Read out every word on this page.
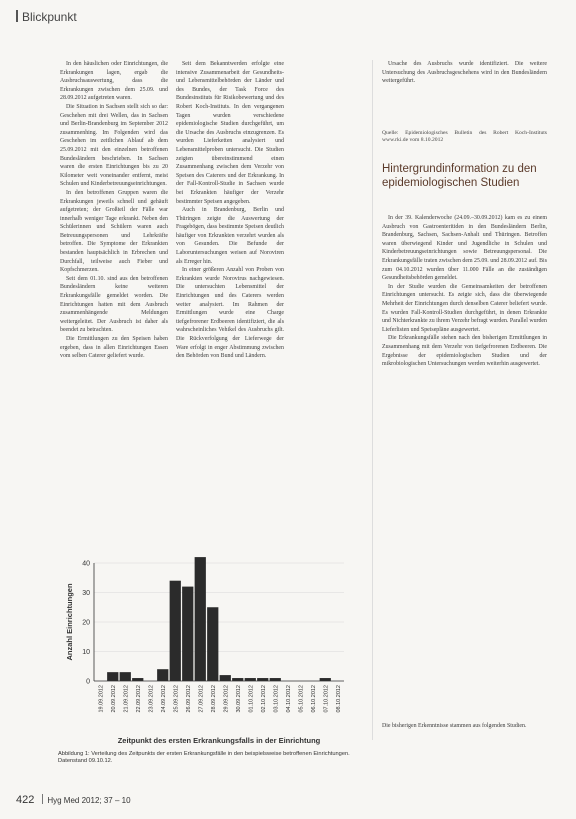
Blickpunkt

In den häuslichen oder Einrichtungen, die Erkrankungen lagen, ergab die Ausbruchsauswertung, dass die Erkrankungen zwischen dem 25.09. und 28.09.2012 aufgetreten waren.

Die Situation in Sachsen stellt sich so dar: Geschehen mit drei Wellen, das in Sachsen und Berlin-Brandenburg im September 2012 zusammenhing. Im Folgenden wird das Geschehen im zeitlichen Ablauf ab dem 25.09.2012 mit den einzelnen betroffenen Bundesländern beschrieben. In Sachsen waren die ersten Einrichtungen bis zu 20 Kilometer weit voneinander entfernt, meist Schulen und Kinderbetreuungseinrichtungen.

In den betroffenen Gruppen waren die Erkrankungen jeweils schnell und gehäuft aufgetreten; der Großteil der Fälle war innerhalb weniger Tage erkrankt. Neben den Schülerinnen und Schülern waren auch Betreuungspersonen und Lehrkräfte betroffen. Die Symptome der Erkrankten bestanden hauptsächlich in Erbrechen und Durchfall, teilweise auch Fieber und Kopfschmerzen.

Seit dem 01.10. sind aus den betroffenen Bundesländern keine weiteren Erkrankungsfälle gemeldet worden. Die Einrichtungen hatten mit dem Ausbruch zusammenhängende Meldungen weitergeleitet. Der Ausbruch ist daher als beendet zu betrachten.

Die Ermittlungen zu den Speisen haben ergeben, dass in allen Einrichtungen Essen vom selben Caterer geliefert wurde.

Seit dem Bekanntwerden erfolgte eine intensive Zusammenarbeit der Gesundheits- und Lebensmittelbehörden der Länder und des Bundes, der Task Force des Bundesinstituts für Risikobewertung und des Robert Koch-Instituts. In den vergangenen Tagen wurden verschiedene epidemiologische Studien durchgeführt, um die Ursache des Ausbruchs einzugrenzen. Es wurden Lieferketten analysiert und Lebensmittelproben untersucht. Die Studien zeigten übereinstimmend einen Zusammenhang zwischen dem Verzehr von Speisen des Caterers und der Erkrankung. In der Fall-Kontroll-Studie in Sachsen wurde bei Erkrankten häufiger der Verzehr bestimmter Speisen angegeben.

Auch in Brandenburg, Berlin und Thüringen zeigte die Auswertung der Fragebögen, dass bestimmte Speisen deutlich häufiger von Erkrankten verzehrt wurden als von Gesunden. Die Befunde der Laboruntersuchungen weisen auf Noroviren als Erreger hin.

In einer größeren Anzahl von Proben von Erkrankten wurde Norovirus nachgewiesen. Die untersuchten Lebensmittel der Einrichtungen und des Caterers werden weiter analysiert. Im Rahmen der Ermittlungen wurde eine Charge tiefgefrorener Erdbeeren identifiziert, die als wahrscheinliches Vehikel des Ausbruchs gilt. Die Rückverfolgung der Lieferwege der Ware erfolgt in enger Abstimmung zwischen den Behörden von Bund und Ländern.

Ursache des Ausbruchs wurde identifiziert. Die weitere Untersuchung des Ausbruchsgeschehens wird in den Bundesländern weitergeführt.

Quelle: Epidemiologisches Bulletin des Robert Koch-Instituts www.rki.de vom 8.10.2012

Hintergrundinformation zu den epidemiologischen Studien

In der 39. Kalenderwoche (24.09.–30.09.2012) kam es zu einem Ausbruch von Gastroenteritiden in den Bundesländern Berlin, Brandenburg, Sachsen, Sachsen-Anhalt und Thüringen. Betroffen waren überwiegend Kinder und Jugendliche in Schulen und Kinderbetreuungseinrichtungen sowie Betreuungspersonal. Die Erkrankungsfälle traten zwischen dem 25.09. und 28.09.2012 auf. Bis zum 04.10.2012 wurden über 11.000 Fälle an die zuständigen Gesundheitsbehörden gemeldet.

In der Studie wurden die Gemeinsamkeiten der betroffenen Einrichtungen untersucht. Es zeigte sich, dass die überwiegende Mehrheit der Einrichtungen durch denselben Caterer beliefert wurde. Es wurden Fall-Kontroll-Studien durchgeführt, in denen Erkrankte und Nichterkrankte zu ihrem Verzehr befragt wurden. Parallel wurden Lieferlisten und Speisepläne ausgewertet.

Die Erkrankungsfälle stehen nach den bisherigen Ermittlungen in Zusammenhang mit dem Verzehr von tiefgefrorenen Erdbeeren. Die Ergebnisse der epidemiologischen Studien und der mikrobiologischen Untersuchungen werden weiterhin ausgewertet.

Die bisherigen Erkenntnisse stammen aus folgenden Studien.
0
10
20
30
40
19.09.2012 20.09.2012 21.09.2012 22.09.2012 23.09.2012 24.09.2012 25.09.2012 26.09.2012 27.09.2012 28.09.2012 29.09.2012 30.09.2012 01.10.2012 02.10.2012 03.10.2012 04.10.2012 05.10.2012 06.10.2012 07.10.2012 08.10.2012
Anzahl Einrichtungen
Zeitpunkt des ersten Erkrankungsfalls in der Einrichtung
Abbildung 1: Verteilung des Zeitpunkts der ersten Erkrankungsfälle in den beispielsweise betroffenen Einrichtungen. Datenstand 09.10.12.
422 Hyg Med 2012; 37 – 10
